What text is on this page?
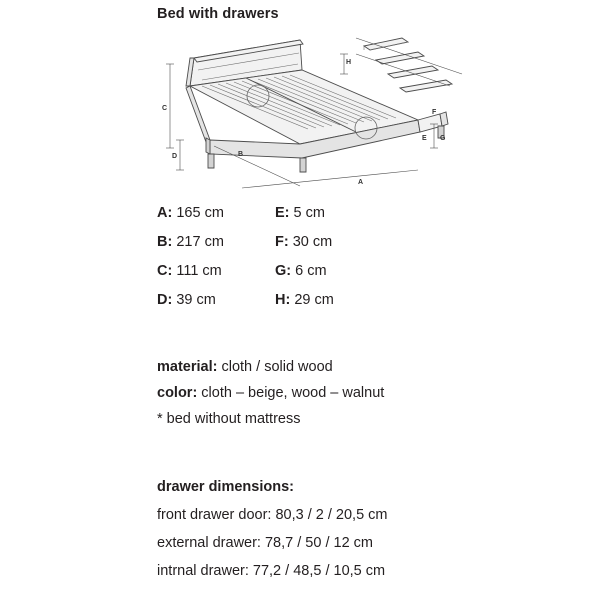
Bed with drawers
C
D	B
A
G
E
F
H
A: 165 cm	E: 5 cm
B: 217 cm	F: 30 cm
C: 111 cm	G: 6 cm
D: 39 cm	H: 29 cm
material: cloth / solid wood
color: cloth – beige, wood – walnut
* bed without mattress
drawer dimensions:
front drawer door: 80,3 / 2 / 20,5 cm
external drawer: 78,7 / 50 / 12 cm
intrnal drawer: 77,2 / 48,5 / 10,5 cm
